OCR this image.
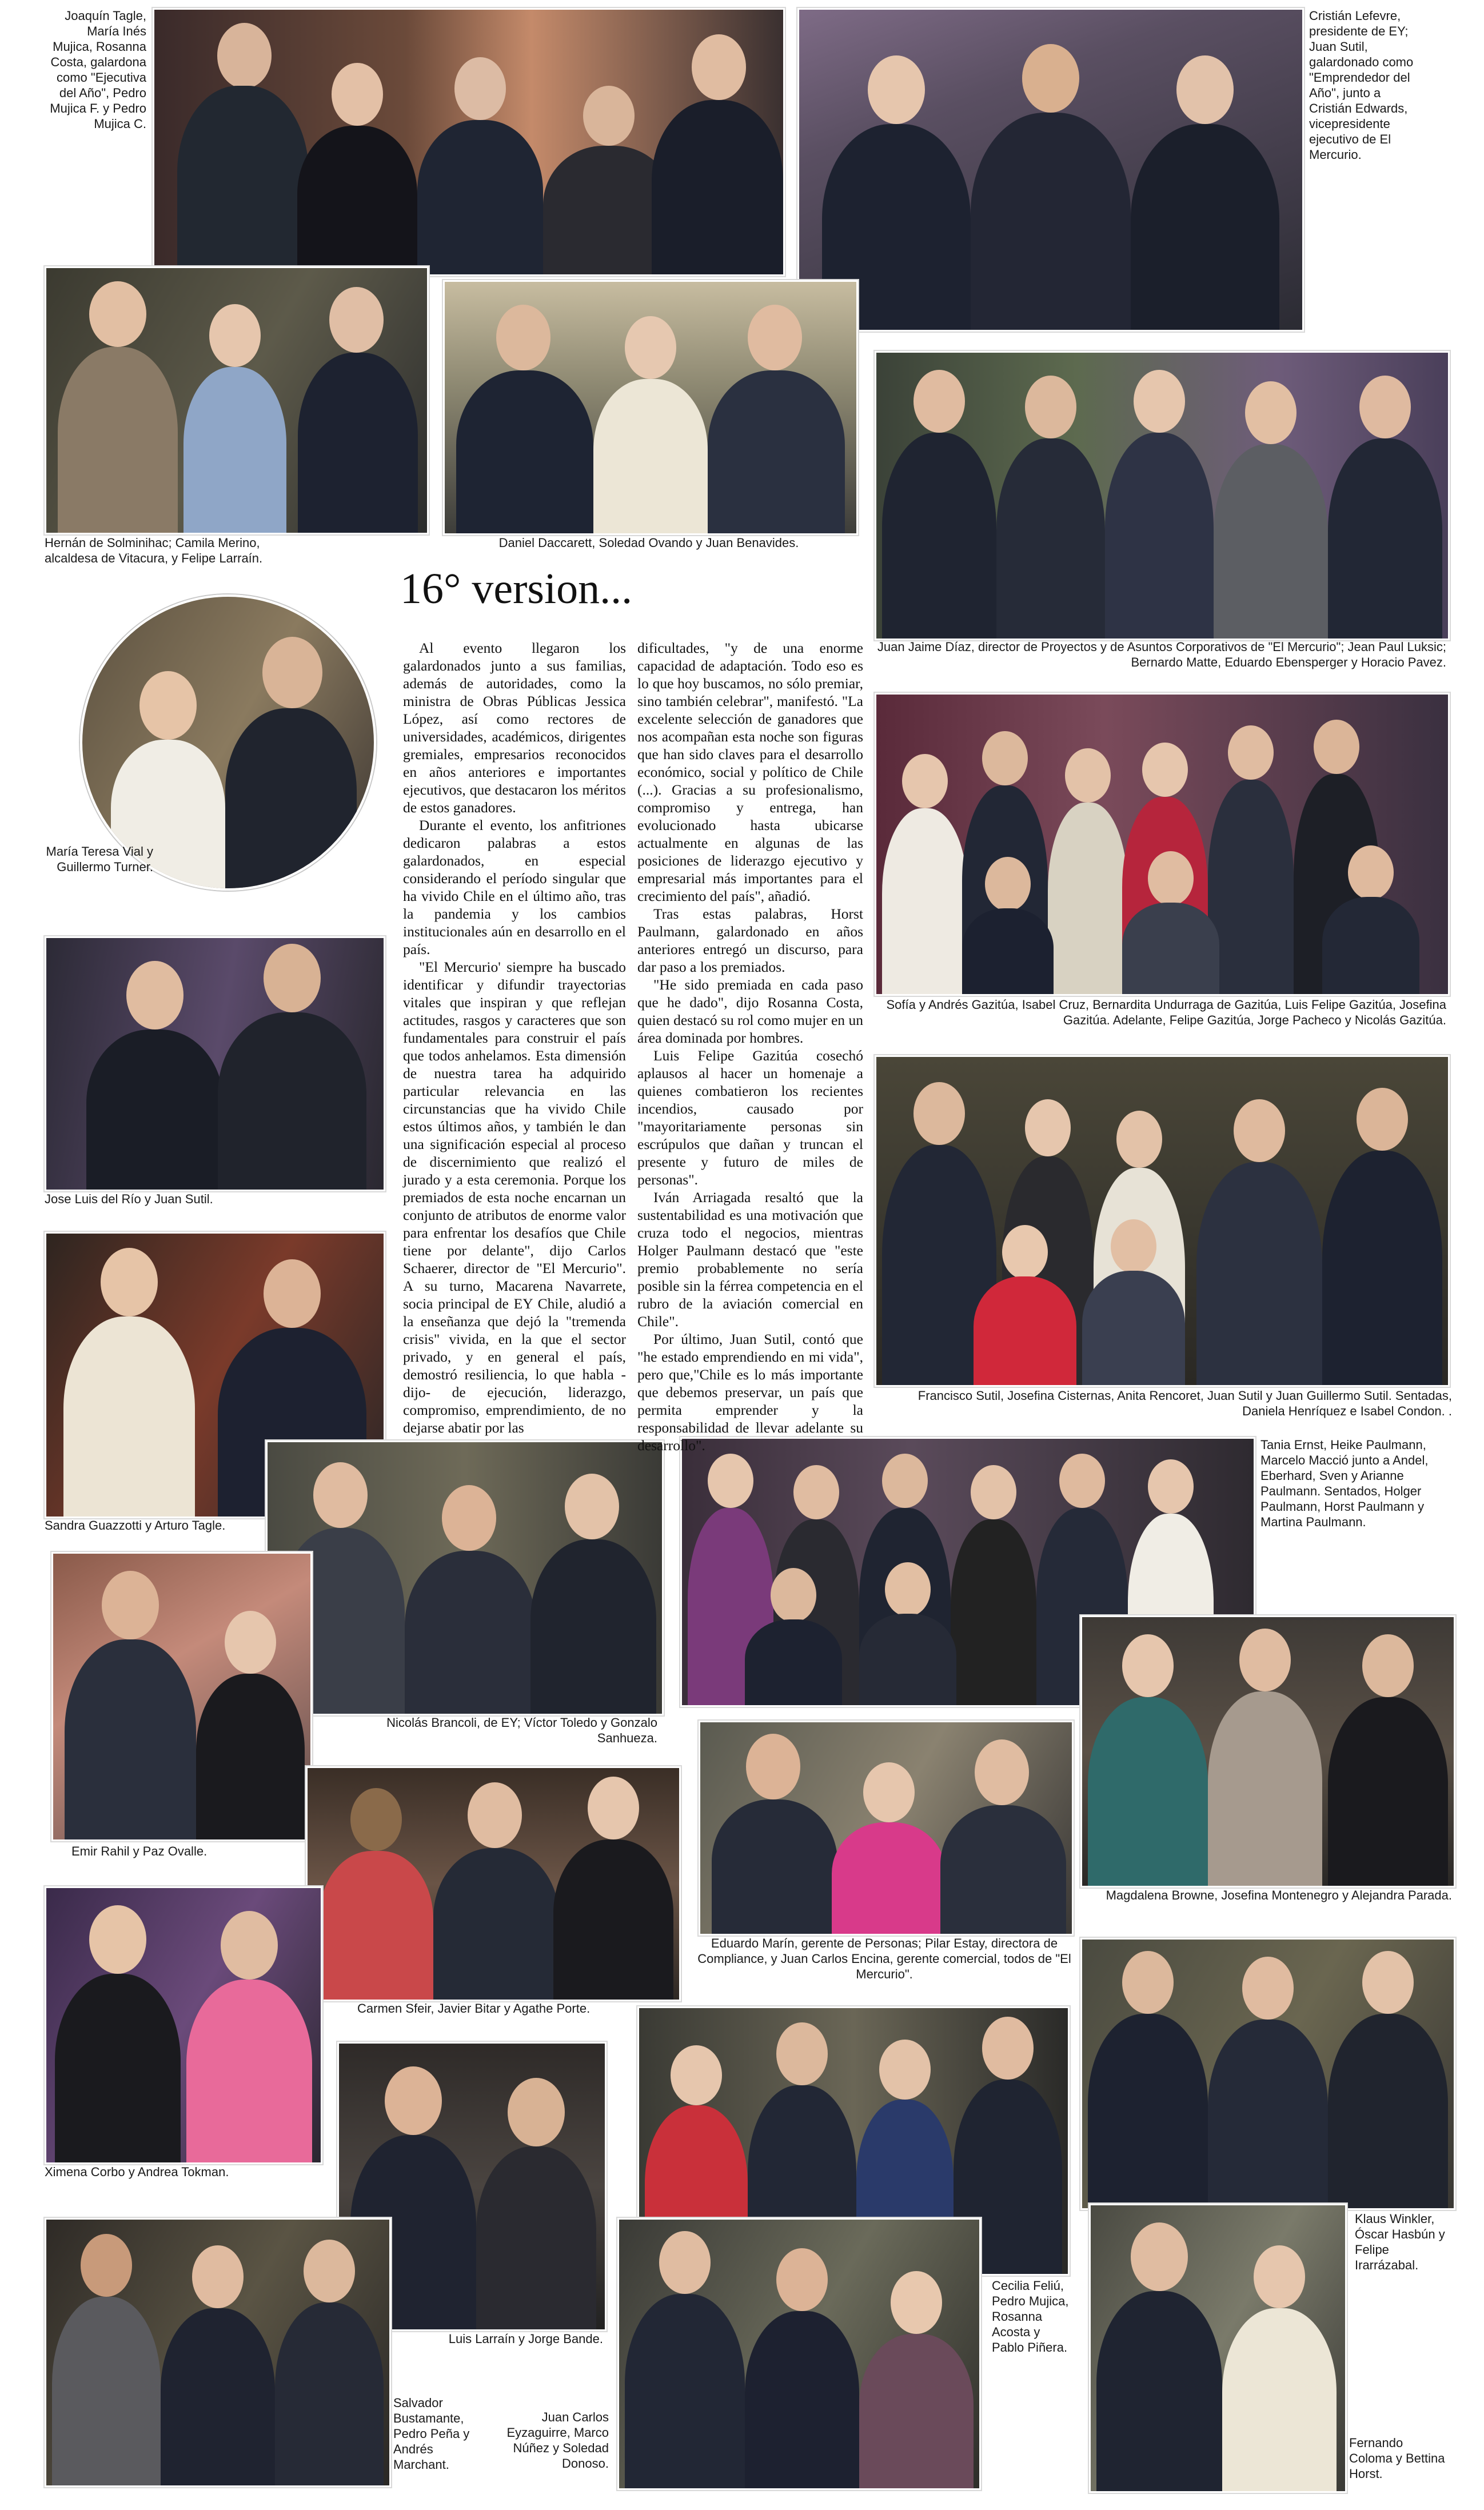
16° version...

Al evento llegaron los galardonados junto a sus familias, además de autoridades, como la ministra de Obras Públicas Jessica López, así como rectores de universidades, académicos, dirigentes gremiales, empresarios reconocidos en años anteriores e importantes ejecutivos, que destacaron los méritos de estos ganadores.

Durante el evento, los anfitriones dedicaron palabras a estos galardonados, en especial considerando el período singular que ha vivido Chile en el último año, tras la pandemia y los cambios institucionales aún en desarrollo en el país.

"El Mercurio' siempre ha buscado identificar y difundir trayectorias vitales que inspiran y que reflejan actitudes, rasgos y caracteres que son fundamentales para construir el país que todos anhelamos. Esta dimensión de nuestra tarea ha adquirido particular relevancia en las circunstancias que ha vivido Chile estos últimos años, y también le dan una significación especial al proceso de discernimiento que realizó el jurado y a esta ceremonia. Porque los premiados de esta noche encarnan un conjunto de atributos de enorme valor para enfrentar los desafíos que Chile tiene por delante", dijo Carlos Schaerer, director de "El Mercurio". A su turno, Macarena Navarrete, socia principal de EY Chile, aludió a la enseñanza que dejó la "tremenda crisis" vivida, en la que el sector privado, y en general el país, demostró resiliencia, lo que habla -dijo- de ejecución, liderazgo, compromiso, emprendimiento, de no dejarse abatir por las

dificultades, "y de una enorme capacidad de adaptación. Todo eso es lo que hoy buscamos, no sólo premiar, sino también celebrar", manifestó. "La excelente selección de ganadores que nos acompañan esta noche son figuras que han sido claves para el desarrollo económico, social y político de Chile (...). Gracias a su profesionalismo, compromiso y entrega, han evolucionado hasta ubicarse actualmente en algunas de las posiciones de liderazgo ejecutivo y empresarial más importantes para el crecimiento del país", añadió.

Tras estas palabras, Horst Paulmann, galardonado en años anteriores entregó un discurso, para dar paso a los premiados.

"He sido premiada en cada paso que he dado", dijo Rosanna Costa, quien destacó su rol como mujer en un área dominada por hombres.

Luis Felipe Gazitúa cosechó aplausos al hacer un homenaje a quienes combatieron los recientes incendios, causado por "mayoritariamente personas sin escrúpulos que dañan y truncan el presente y futuro de miles de personas".

Iván Arriagada resaltó que la sustentabilidad es una motivación que cruza todo el negocios, mientras Holger Paulmann destacó que "este premio probablemente no sería posible sin la férrea competencia en el rubro de la aviación comercial en Chile".

Por último, Juan Sutil, contó que "he estado emprendiendo en mi vida", pero que,"Chile es lo más importante que debemos preservar, un país que permita emprender y la responsabilidad de llevar adelante su desarrollo".

Joaquín Tagle, María Inés Mujica, Rosanna Costa, galardona como "Ejecutiva del Año", Pedro Mujica F. y Pedro Mujica C.
Cristián Lefevre, presidente de EY; Juan Sutil, galardonado como "Emprendedor del Año", junto a Cristián Edwards, vicepresidente ejecutivo de El Mercurio.
Hernán de Solminihac; Camila Merino, alcaldesa de Vitacura, y Felipe Larraín.
Daniel Daccarett, Soledad Ovando y Juan Benavides.
Juan Jaime Díaz, director de Proyectos y de Asuntos Corporativos de "El Mercurio"; Jean Paul Luksic; Bernardo Matte, Eduardo Ebensperger y Horacio Pavez.
María Teresa Vial y Guillermo Turner.
Sofía y Andrés Gazitúa, Isabel Cruz, Bernardita Undurraga de Gazitúa, Luis Felipe Gazitúa, Josefina Gazitúa. Adelante, Felipe Gazitúa, Jorge Pacheco y Nicolás Gazitúa.
Jose Luis del Río y Juan Sutil.
Francisco Sutil, Josefina Cisternas, Anita Rencoret, Juan Sutil y Juan Guillermo Sutil. Sentadas, Daniela Henríquez e Isabel Condon. .
Sandra Guazzotti y Arturo Tagle.
Tania Ernst, Heike Paulmann, Marcelo Macció junto a Andel, Eberhard, Sven y Arianne Paulmann. Sentados, Holger Paulmann, Horst Paulmann y Martina Paulmann.
Nicolás Brancoli, de EY; Víctor Toledo y Gonzalo Sanhueza.
Emir Rahil y Paz Ovalle.
Magdalena Browne, Josefina Montenegro y Alejandra Parada.
Eduardo Marín, gerente de Personas; Pilar Estay, directora de Compliance, y Juan Carlos Encina, gerente comercial, todos de "El Mercurio".
Carmen Sfeir, Javier Bitar y Agathe Porte.
Ximena Corbo y Andrea Tokman.
Luis Larraín y Jorge Bande.
Cecilia Feliú, Pedro Mujica, Rosanna Acosta y Pablo Piñera.
Klaus Winkler, Óscar Hasbún y Felipe Irarrázabal.
Salvador Bustamante, Pedro Peña y Andrés Marchant.
Juan Carlos Eyzaguirre, Marco Núñez y Soledad Donoso.
Fernando Coloma y Bettina Horst.
